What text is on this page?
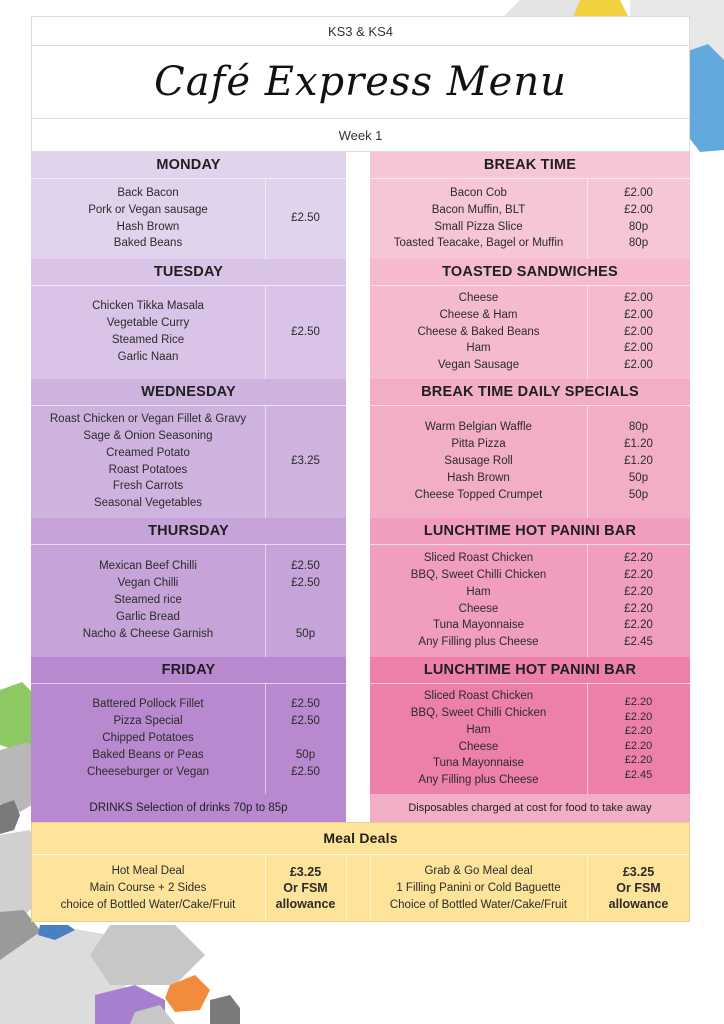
KS3 & KS4
Café Express Menu
Week 1
MONDAY
Back Bacon
Pork or Vegan sausage
Hash Brown
Baked Beans
£2.50
TUESDAY
Chicken Tikka Masala
Vegetable Curry
Steamed Rice
Garlic Naan
£2.50
WEDNESDAY
Roast Chicken or Vegan Fillet & Gravy
Sage & Onion Seasoning
Creamed Potato
Roast Potatoes
Fresh Carrots
Seasonal Vegetables
£3.25
THURSDAY
Mexican Beef Chilli
Vegan Chilli
Steamed rice
Garlic Bread
Nacho & Cheese Garnish
£2.50
£2.50
50p
FRIDAY
Battered Pollock Fillet
Pizza Special
Chipped Potatoes
Baked Beans or Peas
Cheeseburger or Vegan
£2.50
£2.50
50p
£2.50
BREAK TIME
Bacon Cob
Bacon Muffin, BLT
Small Pizza Slice
Toasted Teacake, Bagel or Muffin
£2.00
£2.00
80p
80p
TOASTED SANDWICHES
Cheese
Cheese & Ham
Cheese & Baked Beans
Ham
Vegan Sausage
£2.00
£2.00
£2.00
£2.00
£2.00
BREAK TIME DAILY SPECIALS
Warm Belgian Waffle
Pitta Pizza
Sausage Roll
Hash Brown
Cheese Topped Crumpet
80p
£1.20
£1.20
50p
50p
LUNCHTIME HOT PANINI BAR
Sliced Roast Chicken
BBQ, Sweet Chilli Chicken
Ham
Cheese
Tuna Mayonnaise
Any Filling plus Cheese
£2.20
£2.20
£2.20
£2.20
£2.20
£2.45
LUNCHTIME HOT PANINI BAR
Sliced Roast Chicken
BBQ, Sweet Chilli Chicken
Ham
Cheese
Tuna Mayonnaise
Any Filling plus Cheese
£2.20
£2.20
£2.20
£2.20
£2.20
£2.45
DRINKS Selection of drinks 70p to 85p	Disposables charged at cost for food to take away
Meal Deals
Hot Meal Deal
Main Course + 2 Sides
choice of Bottled Water/Cake/Fruit
£3.25
Or FSM
allowance
Grab & Go Meal deal
1 Filling Panini or Cold Baguette
Choice of Bottled Water/Cake/Fruit
£3.25
Or FSM
allowance
